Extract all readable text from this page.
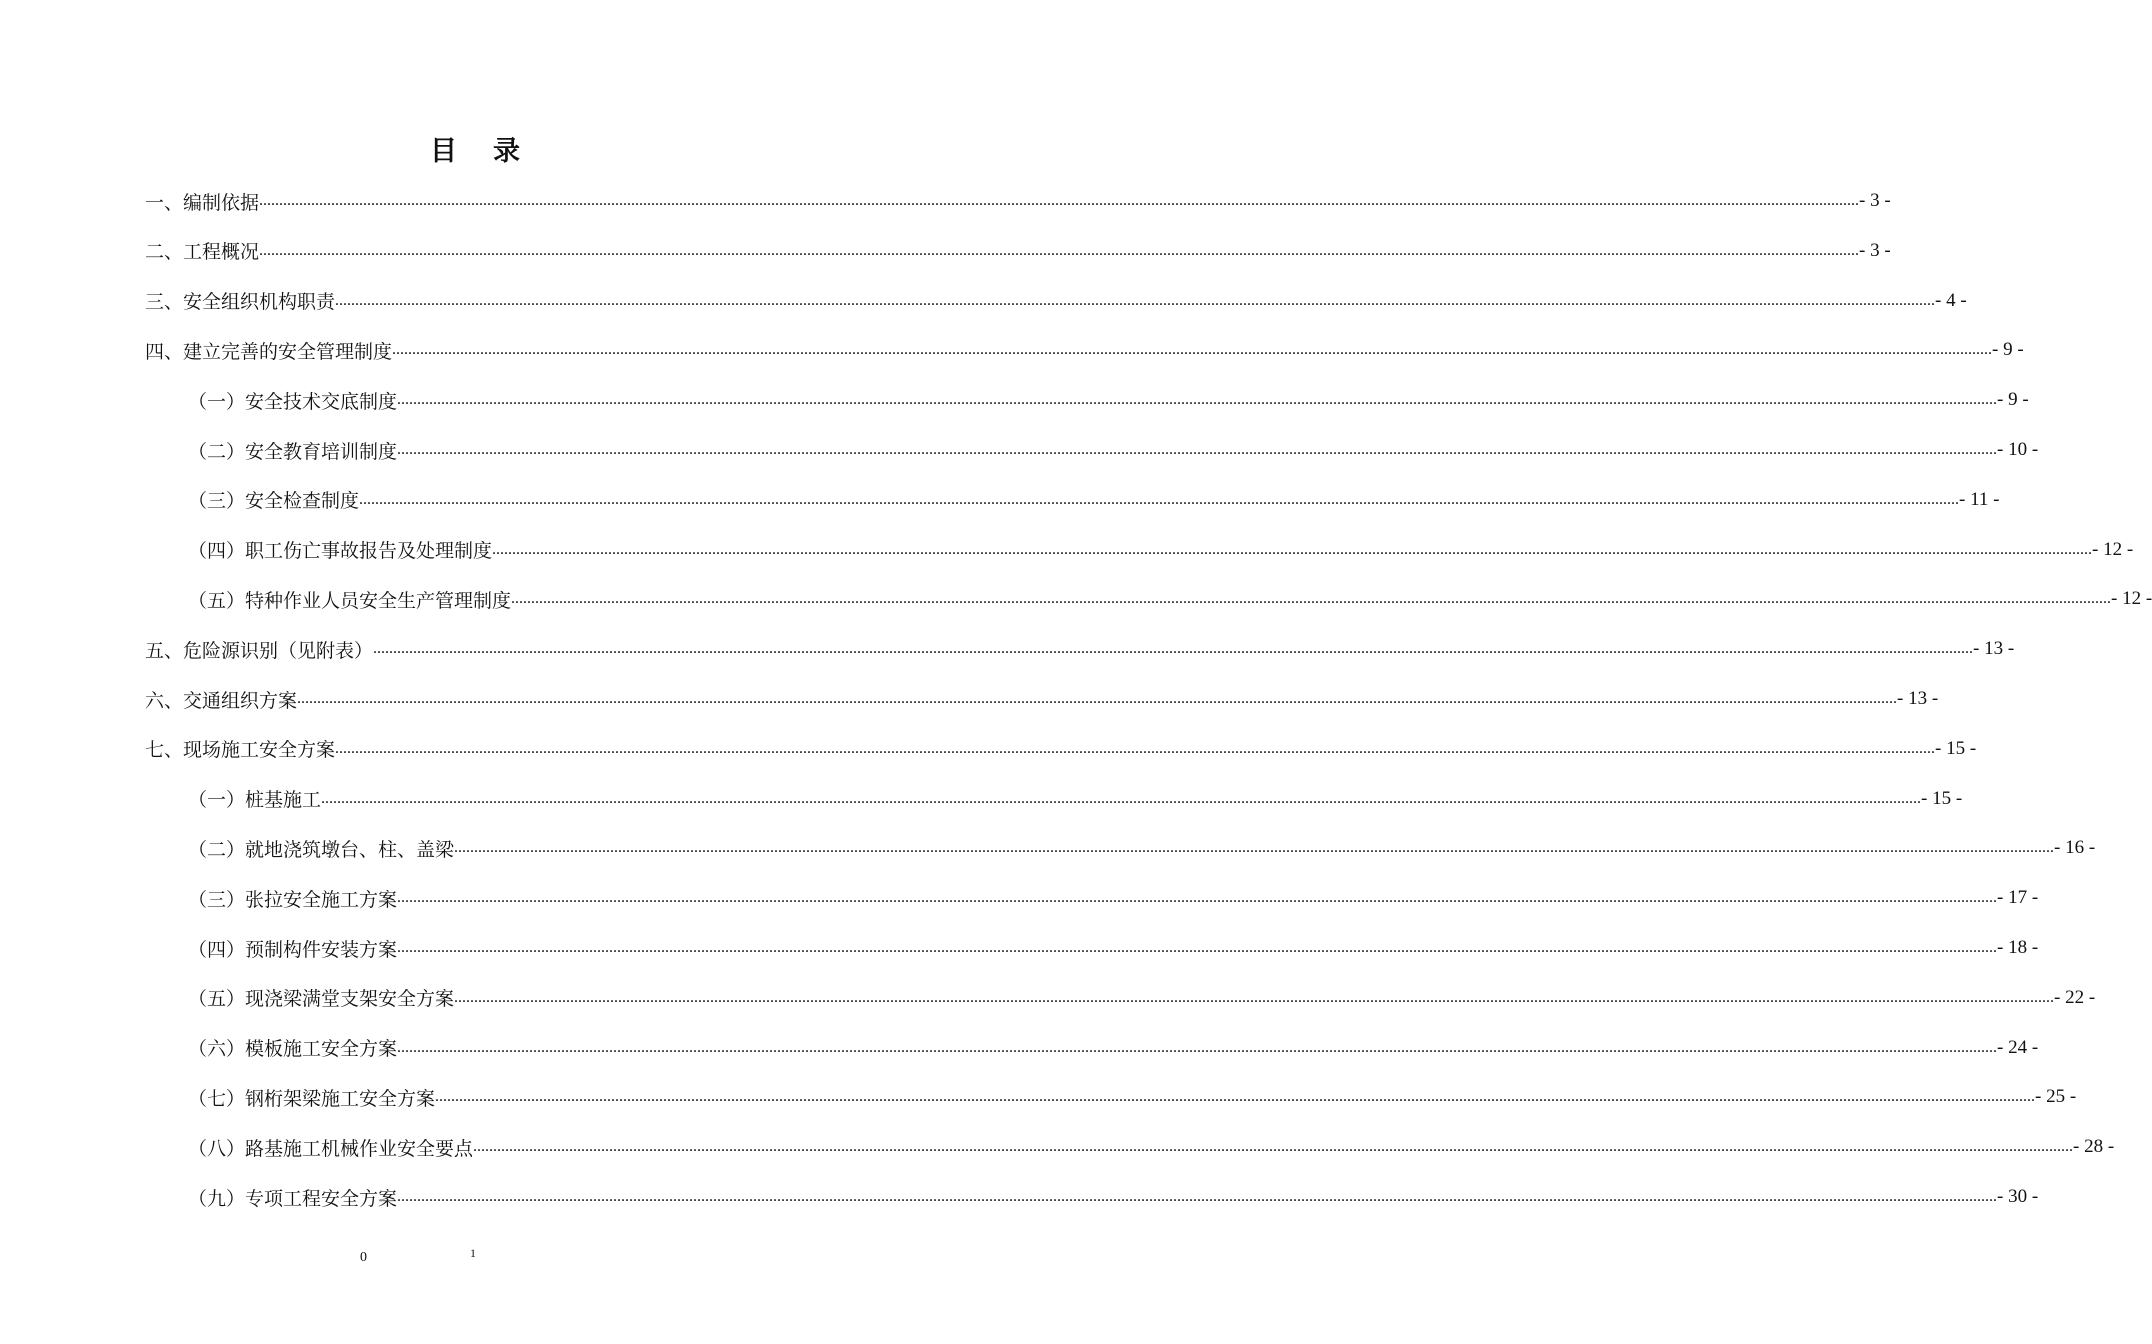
目录
一、编制依据 ................................................................................................................................................................................................................................................................................................................................................................................................................ - 3 -
二、工程概况 ................................................................................................................................................................................................................................................................................................................................................................................................................ - 3 -
三、安全组织机构职责 ................................................................................................................................................................................................................................................................................................................................................................................................................ - 4 -
四、建立完善的安全管理制度 ................................................................................................................................................................................................................................................................................................................................................................................................................ - 9 -
（一）安全技术交底制度 ................................................................................................................................................................................................................................................................................................................................................................................................................ - 9 -
（二）安全教育培训制度 ................................................................................................................................................................................................................................................................................................................................................................................................................ - 10 -
（三）安全检查制度 ................................................................................................................................................................................................................................................................................................................................................................................................................ - 11 -
（四）职工伤亡事故报告及处理制度 ................................................................................................................................................................................................................................................................................................................................................................................................................ - 12 -
（五）特种作业人员安全生产管理制度 ................................................................................................................................................................................................................................................................................................................................................................................................................ - 12 -
五、危险源识别（见附表） ................................................................................................................................................................................................................................................................................................................................................................................................................ - 13 -
六、交通组织方案 ................................................................................................................................................................................................................................................................................................................................................................................................................ - 13 -
七、现场施工安全方案 ................................................................................................................................................................................................................................................................................................................................................................................................................ - 15 -
（一）桩基施工 ................................................................................................................................................................................................................................................................................................................................................................................................................ - 15 -
（二）就地浇筑墩台、柱、盖梁 ................................................................................................................................................................................................................................................................................................................................................................................................................ - 16 -
（三）张拉安全施工方案 ................................................................................................................................................................................................................................................................................................................................................................................................................ - 17 -
（四）预制构件安装方案 ................................................................................................................................................................................................................................................................................................................................................................................................................ - 18 -
（五）现浇梁满堂支架安全方案 ................................................................................................................................................................................................................................................................................................................................................................................................................ - 22 -
（六）模板施工安全方案 ................................................................................................................................................................................................................................................................................................................................................................................................................ - 24 -
（七）钢桁架梁施工安全方案 ................................................................................................................................................................................................................................................................................................................................................................................................................ - 25 -
（八）路基施工机械作业安全要点 ................................................................................................................................................................................................................................................................................................................................................................................................................ - 28 -
（九）专项工程安全方案 ................................................................................................................................................................................................................................................................................................................................................................................................................ - 30 -
0	1
